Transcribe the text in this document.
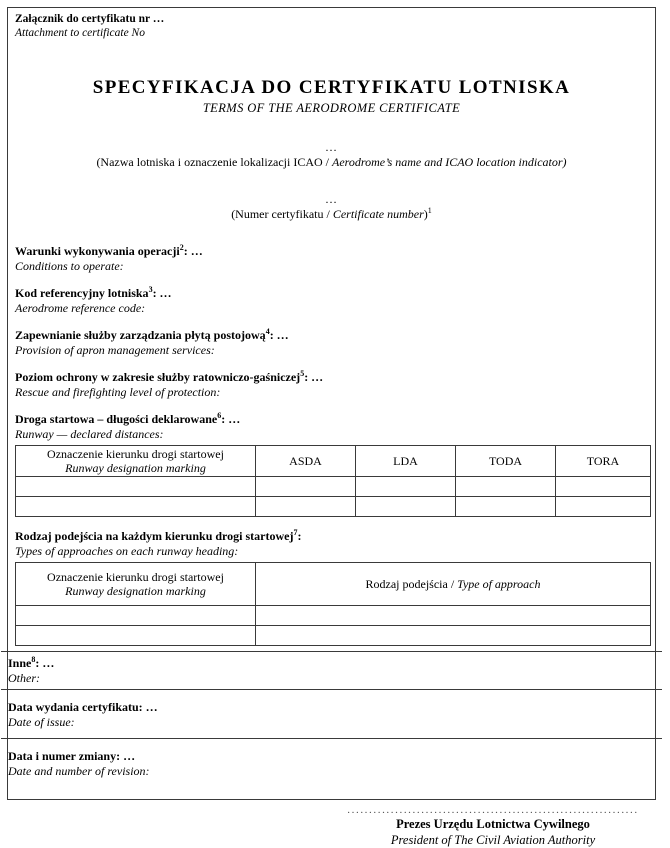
Załącznik do certyfikatu nr …
Attachment to certificate No
SPECYFIKACJA DO CERTYFIKATU LOTNISKA
TERMS OF THE AERODROME CERTIFICATE
…
(Nazwa lotniska i oznaczenie lokalizacji ICAO / Aerodrome’s name and ICAO location indicator)
…
(Numer certyfikatu / Certificate number)$^1$
Warunki wykonywania operacji$^2$: …
Conditions to operate:
Kod referencyjny lotniska$^3$: …
Aerodrome reference code:
Zapewnianie służby zarządzania płytą postojową$^4$: …
Provision of apron management services:
Poziom ochrony w zakresie służby ratowniczo-gaśniczej$^5$: …
Rescue and firefighting level of protection:
Droga startowa – długości deklarowane$^6$: …
Runway — declared distances:
Oznaczenie kierunku drogi startowej
Runway designation marking	ASDA	LDA	TODA	TORA

Rodzaj podejścia na każdym kierunku drogi startowej$^7$:
Types of approaches on each runway heading:
Oznaczenie kierunku drogi startowej
Runway designation marking	Rodzaj podejścia / Type of approach

Inne$^8$: …
Other:
Data wydania certyfikatu: …
Date of issue:
Data i numer zmiany: …
Date and number of revision:
...................................................................
Prezes Urzędu Lotnictwa Cywilnego
President of The Civil Aviation Authority
